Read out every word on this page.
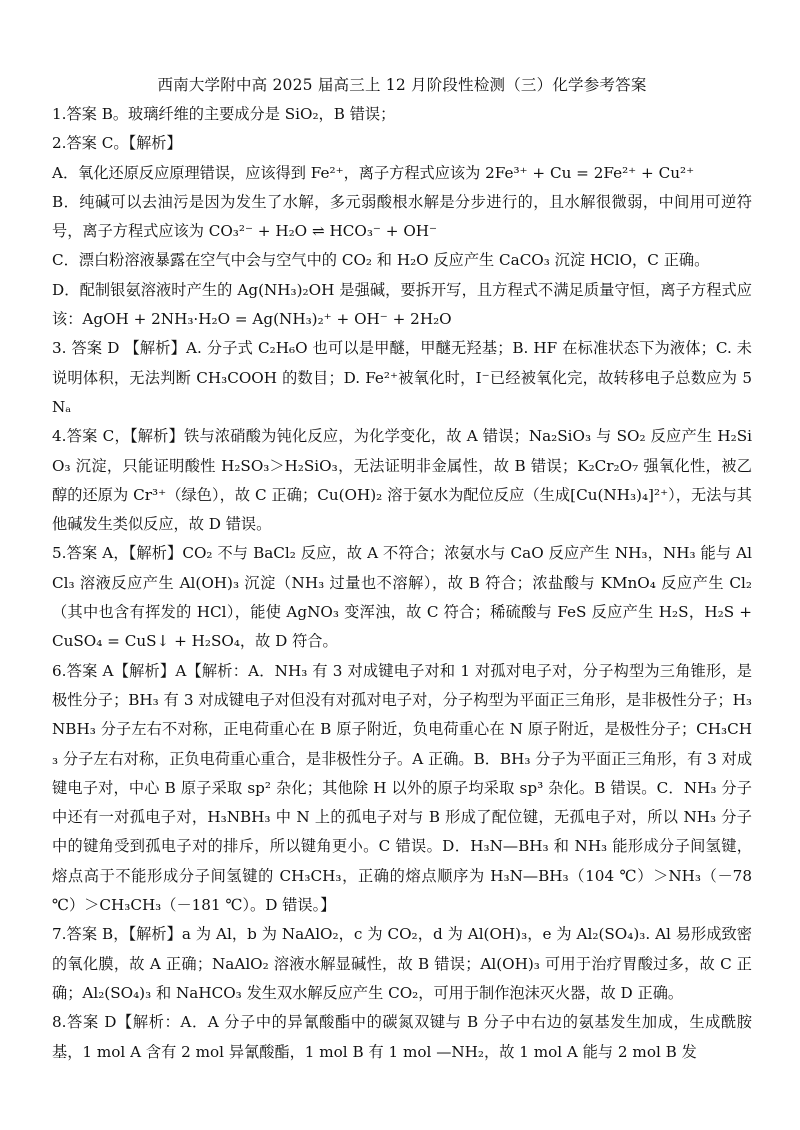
西南大学附中高 2025 届高三上 12 月阶段性检测（三）化学参考答案

1.答案 B。玻璃纤维的主要成分是 SiO₂，B 错误；

2.答案 C。【解析】

A．氧化还原反应原理错误，应该得到 Fe²⁺，离子方程式应该为 2Fe³⁺ + Cu = 2Fe²⁺ + Cu²⁺

B．纯碱可以去油污是因为发生了水解，多元弱酸根水解是分步进行的，且水解很微弱，中间用可逆符号，离子方程式应该为 CO₃²⁻ + H₂O ⇌ HCO₃⁻ + OH⁻

C．漂白粉溶液暴露在空气中会与空气中的 CO₂ 和 H₂O 反应产生 CaCO₃ 沉淀 HClO，C 正确。

D．配制银氨溶液时产生的 Ag(NH₃)₂OH 是强碱，要拆开写，且方程式不满足质量守恒，离子方程式应该：AgOH + 2NH₃·H₂O = Ag(NH₃)₂⁺ + OH⁻ + 2H₂O

3. 答案 D 【解析】A. 分子式 C₂H₆O 也可以是甲醚，甲醚无羟基；B. HF 在标准状态下为液体；C. 未说明体积，无法判断 CH₃COOH 的数目；D. Fe²⁺被氧化时，I⁻已经被氧化完，故转移电子总数应为 5Nₐ

4.答案 C，【解析】铁与浓硝酸为钝化反应，为化学变化，故 A 错误；Na₂SiO₃ 与 SO₂ 反应产生 H₂SiO₃ 沉淀，只能证明酸性 H₂SO₃＞H₂SiO₃，无法证明非金属性，故 B 错误；K₂Cr₂O₇ 强氧化性，被乙醇的还原为 Cr³⁺（绿色），故 C 正确；Cu(OH)₂ 溶于氨水为配位反应（生成[Cu(NH₃)₄]²⁺），无法与其他碱发生类似反应，故 D 错误。

5.答案 A，【解析】CO₂ 不与 BaCl₂ 反应，故 A 不符合；浓氨水与 CaO 反应产生 NH₃，NH₃ 能与 AlCl₃ 溶液反应产生 Al(OH)₃ 沉淀（NH₃ 过量也不溶解），故 B 符合；浓盐酸与 KMnO₄ 反应产生 Cl₂（其中也含有挥发的 HCl），能使 AgNO₃ 变浑浊，故 C 符合；稀硫酸与 FeS 反应产生 H₂S，H₂S + CuSO₄ = CuS↓ + H₂SO₄，故 D 符合。

6.答案 A【解析】A【解析：A．NH₃ 有 3 对成键电子对和 1 对孤对电子对，分子构型为三角锥形，是极性分子；BH₃ 有 3 对成键电子对但没有对孤对电子对，分子构型为平面正三角形，是非极性分子；H₃NBH₃ 分子左右不对称，正电荷重心在 B 原子附近，负电荷重心在 N 原子附近，是极性分子；CH₃CH₃ 分子左右对称，正负电荷重心重合，是非极性分子。A 正确。B．BH₃ 分子为平面正三角形，有 3 对成键电子对，中心 B 原子采取 sp² 杂化；其他除 H 以外的原子均采取 sp³ 杂化。B 错误。C．NH₃ 分子中还有一对孤电子对，H₃NBH₃ 中 N 上的孤电子对与 B 形成了配位键，无孤电子对，所以 NH₃ 分子中的键角受到孤电子对的排斥，所以键角更小。C 错误。D．H₃N—BH₃ 和 NH₃ 能形成分子间氢键，熔点高于不能形成分子间氢键的 CH₃CH₃，正确的熔点顺序为 H₃N—BH₃（104 ℃）＞NH₃（－78 ℃）＞CH₃CH₃（－181 ℃）。D 错误。】

7.答案 B，【解析】a 为 Al，b 为 NaAlO₂，c 为 CO₂，d 为 Al(OH)₃，e 为 Al₂(SO₄)₃. Al 易形成致密的氧化膜，故 A 正确；NaAlO₂ 溶液水解显碱性，故 B 错误；Al(OH)₃ 可用于治疗胃酸过多，故 C 正确；Al₂(SO₄)₃ 和 NaHCO₃ 发生双水解反应产生 CO₂，可用于制作泡沫灭火器，故 D 正确。

8.答案 D【解析：A．A 分子中的异氰酸酯中的碳氮双键与 B 分子中右边的氨基发生加成，生成酰胺基，1 mol A 含有 2 mol 异氰酸酯，1 mol B 有 1 mol —NH₂，故 1 mol A 能与 2 mol B 发
